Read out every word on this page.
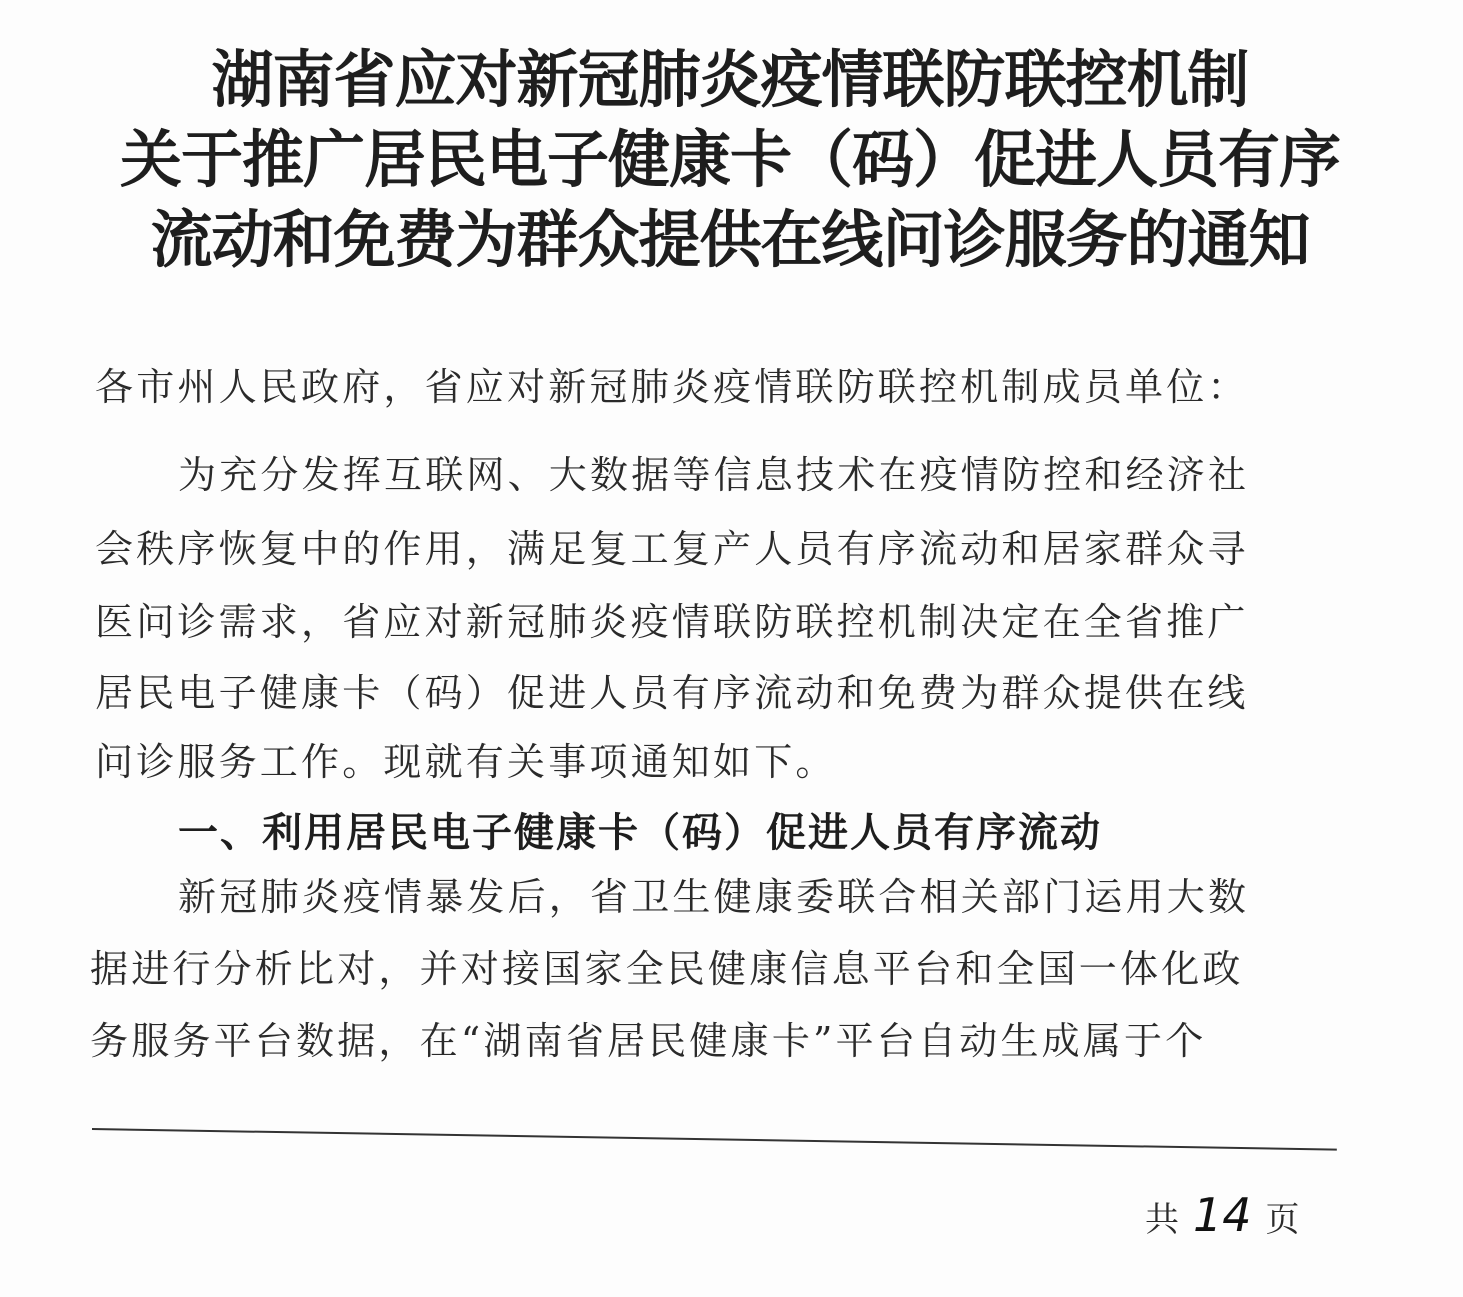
湖南省应对新冠肺炎疫情联防联控机制
关于推广居民电子健康卡（码）促进人员有序
流动和免费为群众提供在线问诊服务的通知
各市州人民政府，省应对新冠肺炎疫情联防联控机制成员单位：
为充分发挥互联网、大数据等信息技术在疫情防控和经济社
会秩序恢复中的作用，满足复工复产人员有序流动和居家群众寻
医问诊需求，省应对新冠肺炎疫情联防联控机制决定在全省推广
居民电子健康卡（码）促进人员有序流动和免费为群众提供在线
问诊服务工作。现就有关事项通知如下。
一、利用居民电子健康卡（码）促进人员有序流动
新冠肺炎疫情暴发后，省卫生健康委联合相关部门运用大数
据进行分析比对，并对接国家全民健康信息平台和全国一体化政
务服务平台数据，在“湖南省居民健康卡”平台自动生成属于个
共 14 页
